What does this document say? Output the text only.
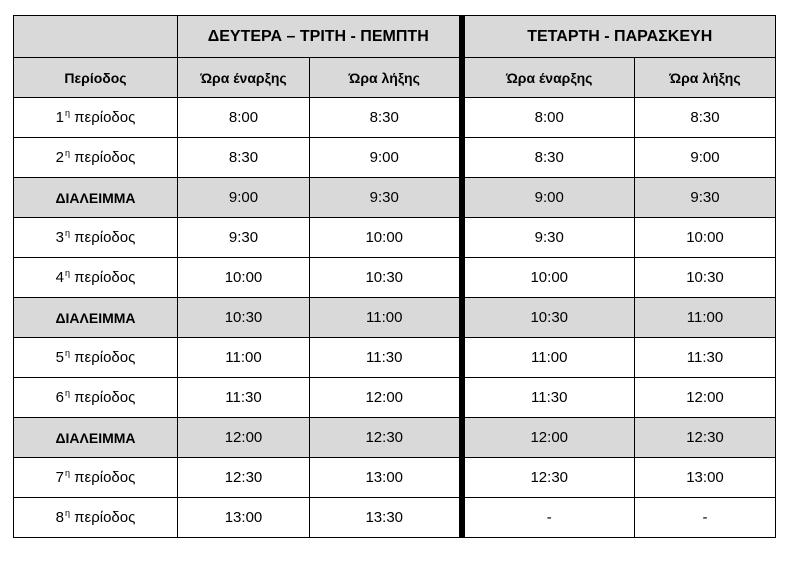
	ΔΕΥΤΕΡΑ – ΤΡΙΤΗ - ΠΕΜΠΤΗ		ΤΕΤΑΡΤΗ - ΠΑΡΑΣΚΕΥΗ	
Περίοδος	Ώρα έναρξης	Ώρα λήξης	Ώρα έναρξης	Ώρα λήξης
$1^\eta$ περίοδος	8:00	8:30	8:00	8:30
$2^\eta$ περίοδος	8:30	9:00	8:30	9:00
ΔΙΑΛΕΙΜΜΑ	9:00	9:30	9:00	9:30
$3^\eta$ περίοδος	9:30	10:00	9:30	10:00
$4^\eta$ περίοδος	10:00	10:30	10:00	10:30
ΔΙΑΛΕΙΜΜΑ	10:30	11:00	10:30	11:00
$5^\eta$ περίοδος	11:00	11:30	11:00	11:30
$6^\eta$ περίοδος	11:30	12:00	11:30	12:00
ΔΙΑΛΕΙΜΜΑ	12:00	12:30	12:00	12:30
$7^\eta$ περίοδος	12:30	13:00	12:30	13:00
$8^\eta$ περίοδος	13:00	13:30	-	-
